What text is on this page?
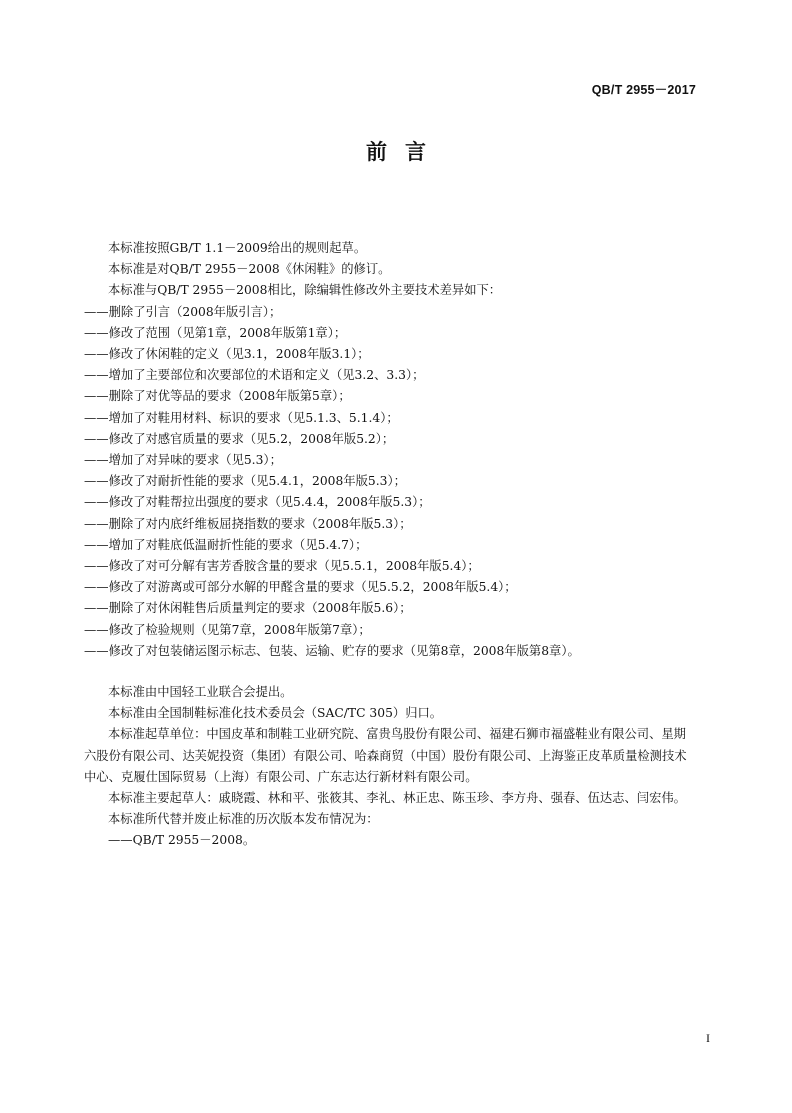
QB/T 2955－2017
前言

本标准按照GB/T 1.1－2009给出的规则起草。

本标准是对QB/T 2955－2008《休闲鞋》的修订。

本标准与QB/T 2955－2008相比，除编辑性修改外主要技术差异如下：

——删除了引言（2008年版引言）；

——修改了范围（见第1章，2008年版第1章）；

——修改了休闲鞋的定义（见3.1，2008年版3.1）；

——增加了主要部位和次要部位的术语和定义（见3.2、3.3）；

——删除了对优等品的要求（2008年版第5章）；

——增加了对鞋用材料、标识的要求（见5.1.3、5.1.4）；

——修改了对感官质量的要求（见5.2，2008年版5.2）；

——增加了对异味的要求（见5.3）；

——修改了对耐折性能的要求（见5.4.1，2008年版5.3）；

——修改了对鞋帮拉出强度的要求（见5.4.4，2008年版5.3）；

——删除了对内底纤维板屈挠指数的要求（2008年版5.3）；

——增加了对鞋底低温耐折性能的要求（见5.4.7）；

——修改了对可分解有害芳香胺含量的要求（见5.5.1，2008年版5.4）；

——修改了对游离或可部分水解的甲醛含量的要求（见5.5.2，2008年版5.4）；

——删除了对休闲鞋售后质量判定的要求（2008年版5.6）；

——修改了检验规则（见第7章，2008年版第7章）；

——修改了对包装储运图示标志、包装、运输、贮存的要求（见第8章，2008年版第8章）。

本标准由中国轻工业联合会提出。

本标准由全国制鞋标准化技术委员会（SAC/TC 305）归口。

本标准起草单位：中国皮革和制鞋工业研究院、富贵鸟股份有限公司、福建石狮市福盛鞋业有限公司、星期六股份有限公司、达芙妮投资（集团）有限公司、哈森商贸（中国）股份有限公司、上海鉴正皮革质量检测技术中心、克履仕国际贸易（上海）有限公司、广东志达行新材料有限公司。

本标准主要起草人：戚晓霞、林和平、张筱其、李礼、林正忠、陈玉珍、李方舟、强春、伍达志、闫宏伟。

本标准所代替并废止标准的历次版本发布情况为：

——QB/T 2955－2008。

I
